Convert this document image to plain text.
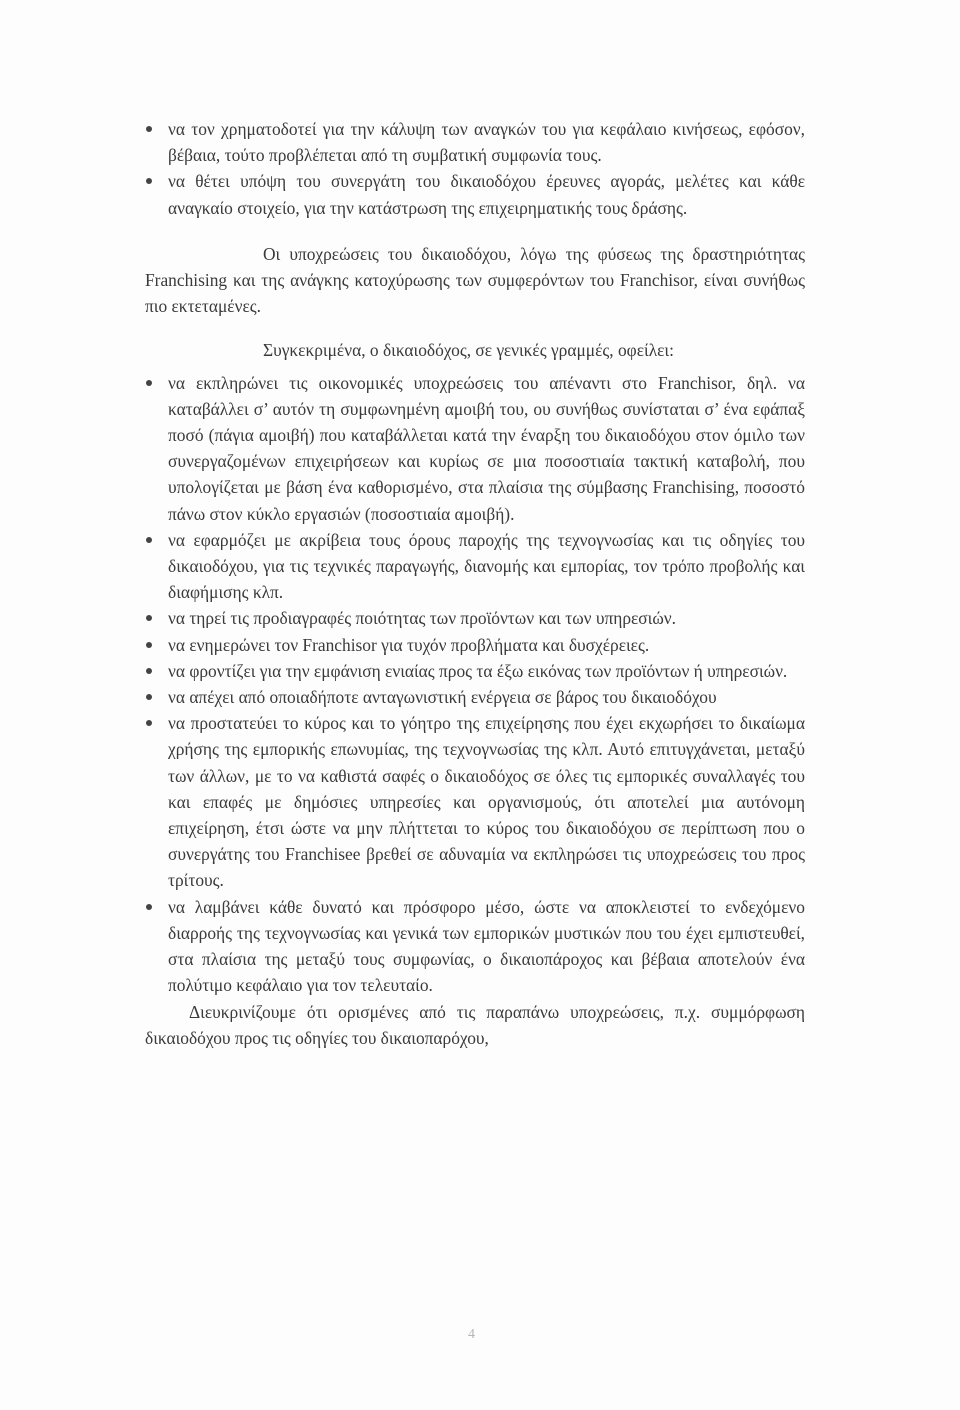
να τον χρηματοδοτεί για την κάλυψη των αναγκών του για κεφάλαιο κινήσεως, εφόσον, βέβαια, τούτο προβλέπεται από τη συμβατική συμφωνία τους.
να θέτει υπόψη του συνεργάτη του δικαιοδόχου έρευνες αγοράς, μελέτες και κάθε αναγκαίο στοιχείο, για την κατάστρωση της επιχειρηματικής τους δράσης.

Οι υποχρεώσεις του δικαιοδόχου, λόγω της φύσεως της δραστηριότητας Franchising και της ανάγκης κατοχύρωσης των συμφερόντων του Franchisor, είναι συνήθως πιο εκτεταμένες.

Συγκεκριμένα, ο δικαιοδόχος, σε γενικές γραμμές, οφείλει:

να εκπληρώνει τις οικονομικές υποχρεώσεις του απέναντι στο Franchisor, δηλ. να καταβάλλει σ’ αυτόν τη συμφωνημένη αμοιβή του, ου συνήθως συνίσταται σ’ ένα εφάπαξ ποσό (πάγια αμοιβή) που καταβάλλεται κατά την έναρξη του δικαιοδόχου στον όμιλο των συνεργαζομένων επιχειρήσεων και κυρίως σε μια ποσοστιαία τακτική καταβολή, που υπολογίζεται με βάση ένα καθορισμένο, στα πλαίσια της σύμβασης Franchising, ποσοστό πάνω στον κύκλο εργασιών (ποσοστιαία αμοιβή).
να εφαρμόζει με ακρίβεια τους όρους παροχής της τεχνογνωσίας και τις οδηγίες του δικαιοδόχου, για τις τεχνικές παραγωγής, διανομής και εμπορίας, τον τρόπο προβολής και διαφήμισης κλπ.
να τηρεί τις προδιαγραφές ποιότητας των προϊόντων και των υπηρεσιών.
να ενημερώνει τον Franchisor για τυχόν προβλήματα και δυσχέρειες.
να φροντίζει για την εμφάνιση ενιαίας προς τα έξω εικόνας των προϊόντων ή υπηρεσιών.
να απέχει από οποιαδήποτε ανταγωνιστική ενέργεια σε βάρος του δικαιοδόχου
να προστατεύει το κύρος και το γόητρο της επιχείρησης που έχει εκχωρήσει το δικαίωμα χρήσης της εμπορικής επωνυμίας, της τεχνογνωσίας της κλπ. Αυτό επιτυγχάνεται, μεταξύ των άλλων, με το να καθιστά σαφές ο δικαιοδόχος σε όλες τις εμπορικές συναλλαγές του και επαφές με δημόσιες υπηρεσίες και οργανισμούς, ότι αποτελεί μια αυτόνομη επιχείρηση, έτσι ώστε να μην πλήττεται το κύρος του δικαιοδόχου σε περίπτωση που ο συνεργάτης του Franchisee βρεθεί σε αδυναμία να εκπληρώσει τις υποχρεώσεις του προς τρίτους.
να λαμβάνει κάθε δυνατό και πρόσφορο μέσο, ώστε να αποκλειστεί το ενδεχόμενο διαρροής της τεχνογνωσίας και γενικά των εμπορικών μυστικών που του έχει εμπιστευθεί, στα πλαίσια της μεταξύ τους συμφωνίας, ο δικαιοπάροχος και βέβαια αποτελούν ένα πολύτιμο κεφάλαιο για τον τελευταίο.

Διευκρινίζουμε ότι ορισμένες από τις παραπάνω υποχρεώσεις, π.χ. συμμόρφωση δικαιοδόχου προς τις οδηγίες του δικαιοπαρόχου,

4
